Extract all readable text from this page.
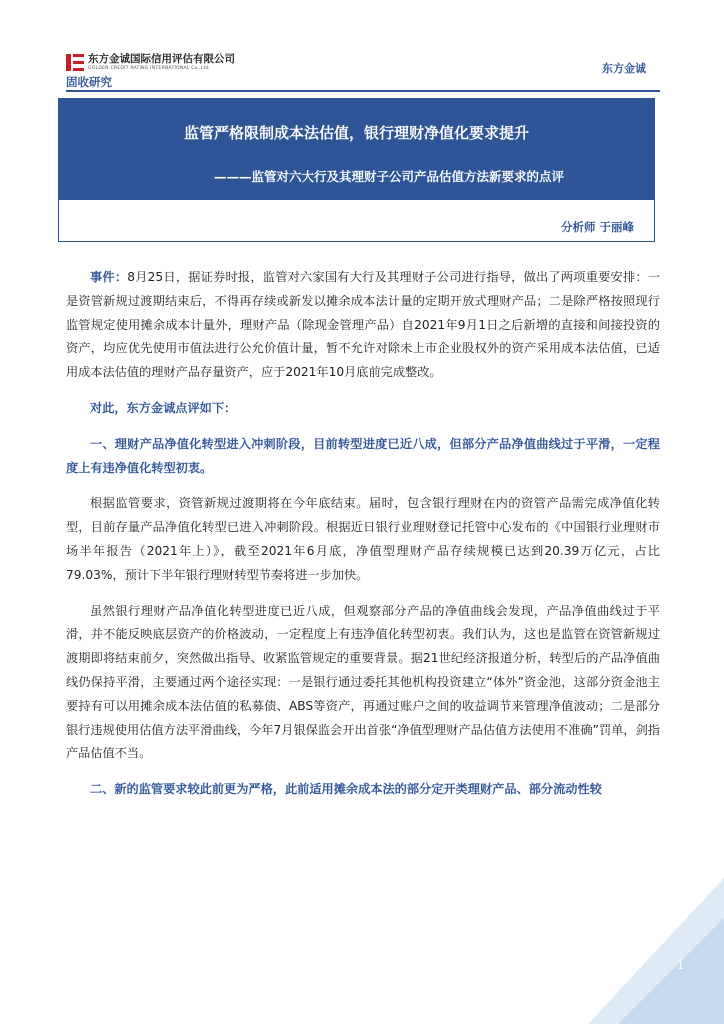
东方金诚国际信用评估有限公司
GOLDEN CREDIT RATING INTERNATIONAL Co.,Ltd.	东方金诚
固收研究
监管严格限制成本法估值，银行理财净值化要求提升
———监管对六大行及其理财子公司产品估值方法新要求的点评
分析师 于丽峰

事件：8月25日，据证券时报，监管对六家国有大行及其理财子公司进行指导，做出了两项重要安排：一是资管新规过渡期结束后，不得再存续或新发以摊余成本法计量的定期开放式理财产品；二是除严格按照现行监管规定使用摊余成本计量外，理财产品（除现金管理产品）自2021年9月1日之后新增的直接和间接投资的资产，均应优先使用市值法进行公允价值计量，暂不允许对除未上市企业股权外的资产采用成本法估值，已适用成本法估值的理财产品存量资产，应于2021年10月底前完成整改。

对此，东方金诚点评如下：

一、理财产品净值化转型进入冲刺阶段，目前转型进度已近八成，但部分产品净值曲线过于平滑，一定程度上有违净值化转型初衷。

根据监管要求，资管新规过渡期将在今年底结束。届时，包含银行理财在内的资管产品需完成净值化转型，目前存量产品净值化转型已进入冲刺阶段。根据近日银行业理财登记托管中心发布的《中国银行业理财市场半年报告（2021年上）》，截至2021年6月底，净值型理财产品存续规模已达到20.39万亿元，占比79.03%，预计下半年银行理财转型节奏将进一步加快。

虽然银行理财产品净值化转型进度已近八成，但观察部分产品的净值曲线会发现，产品净值曲线过于平滑，并不能反映底层资产的价格波动，一定程度上有违净值化转型初衷。我们认为，这也是监管在资管新规过渡期即将结束前夕，突然做出指导、收紧监管规定的重要背景。据21世纪经济报道分析，转型后的产品净值曲线仍保持平滑，主要通过两个途径实现：一是银行通过委托其他机构投资建立“体外”资金池，这部分资金池主要持有可以用摊余成本法估值的私募债、ABS等资产，再通过账户之间的收益调节来管理净值波动；二是部分银行违规使用估值方法平滑曲线，今年7月银保监会开出首张“净值型理财产品估值方法使用不准确”罚单，剑指产品估值不当。

二、新的监管要求较此前更为严格，此前适用摊余成本法的部分定开类理财产品、部分流动性较

1
